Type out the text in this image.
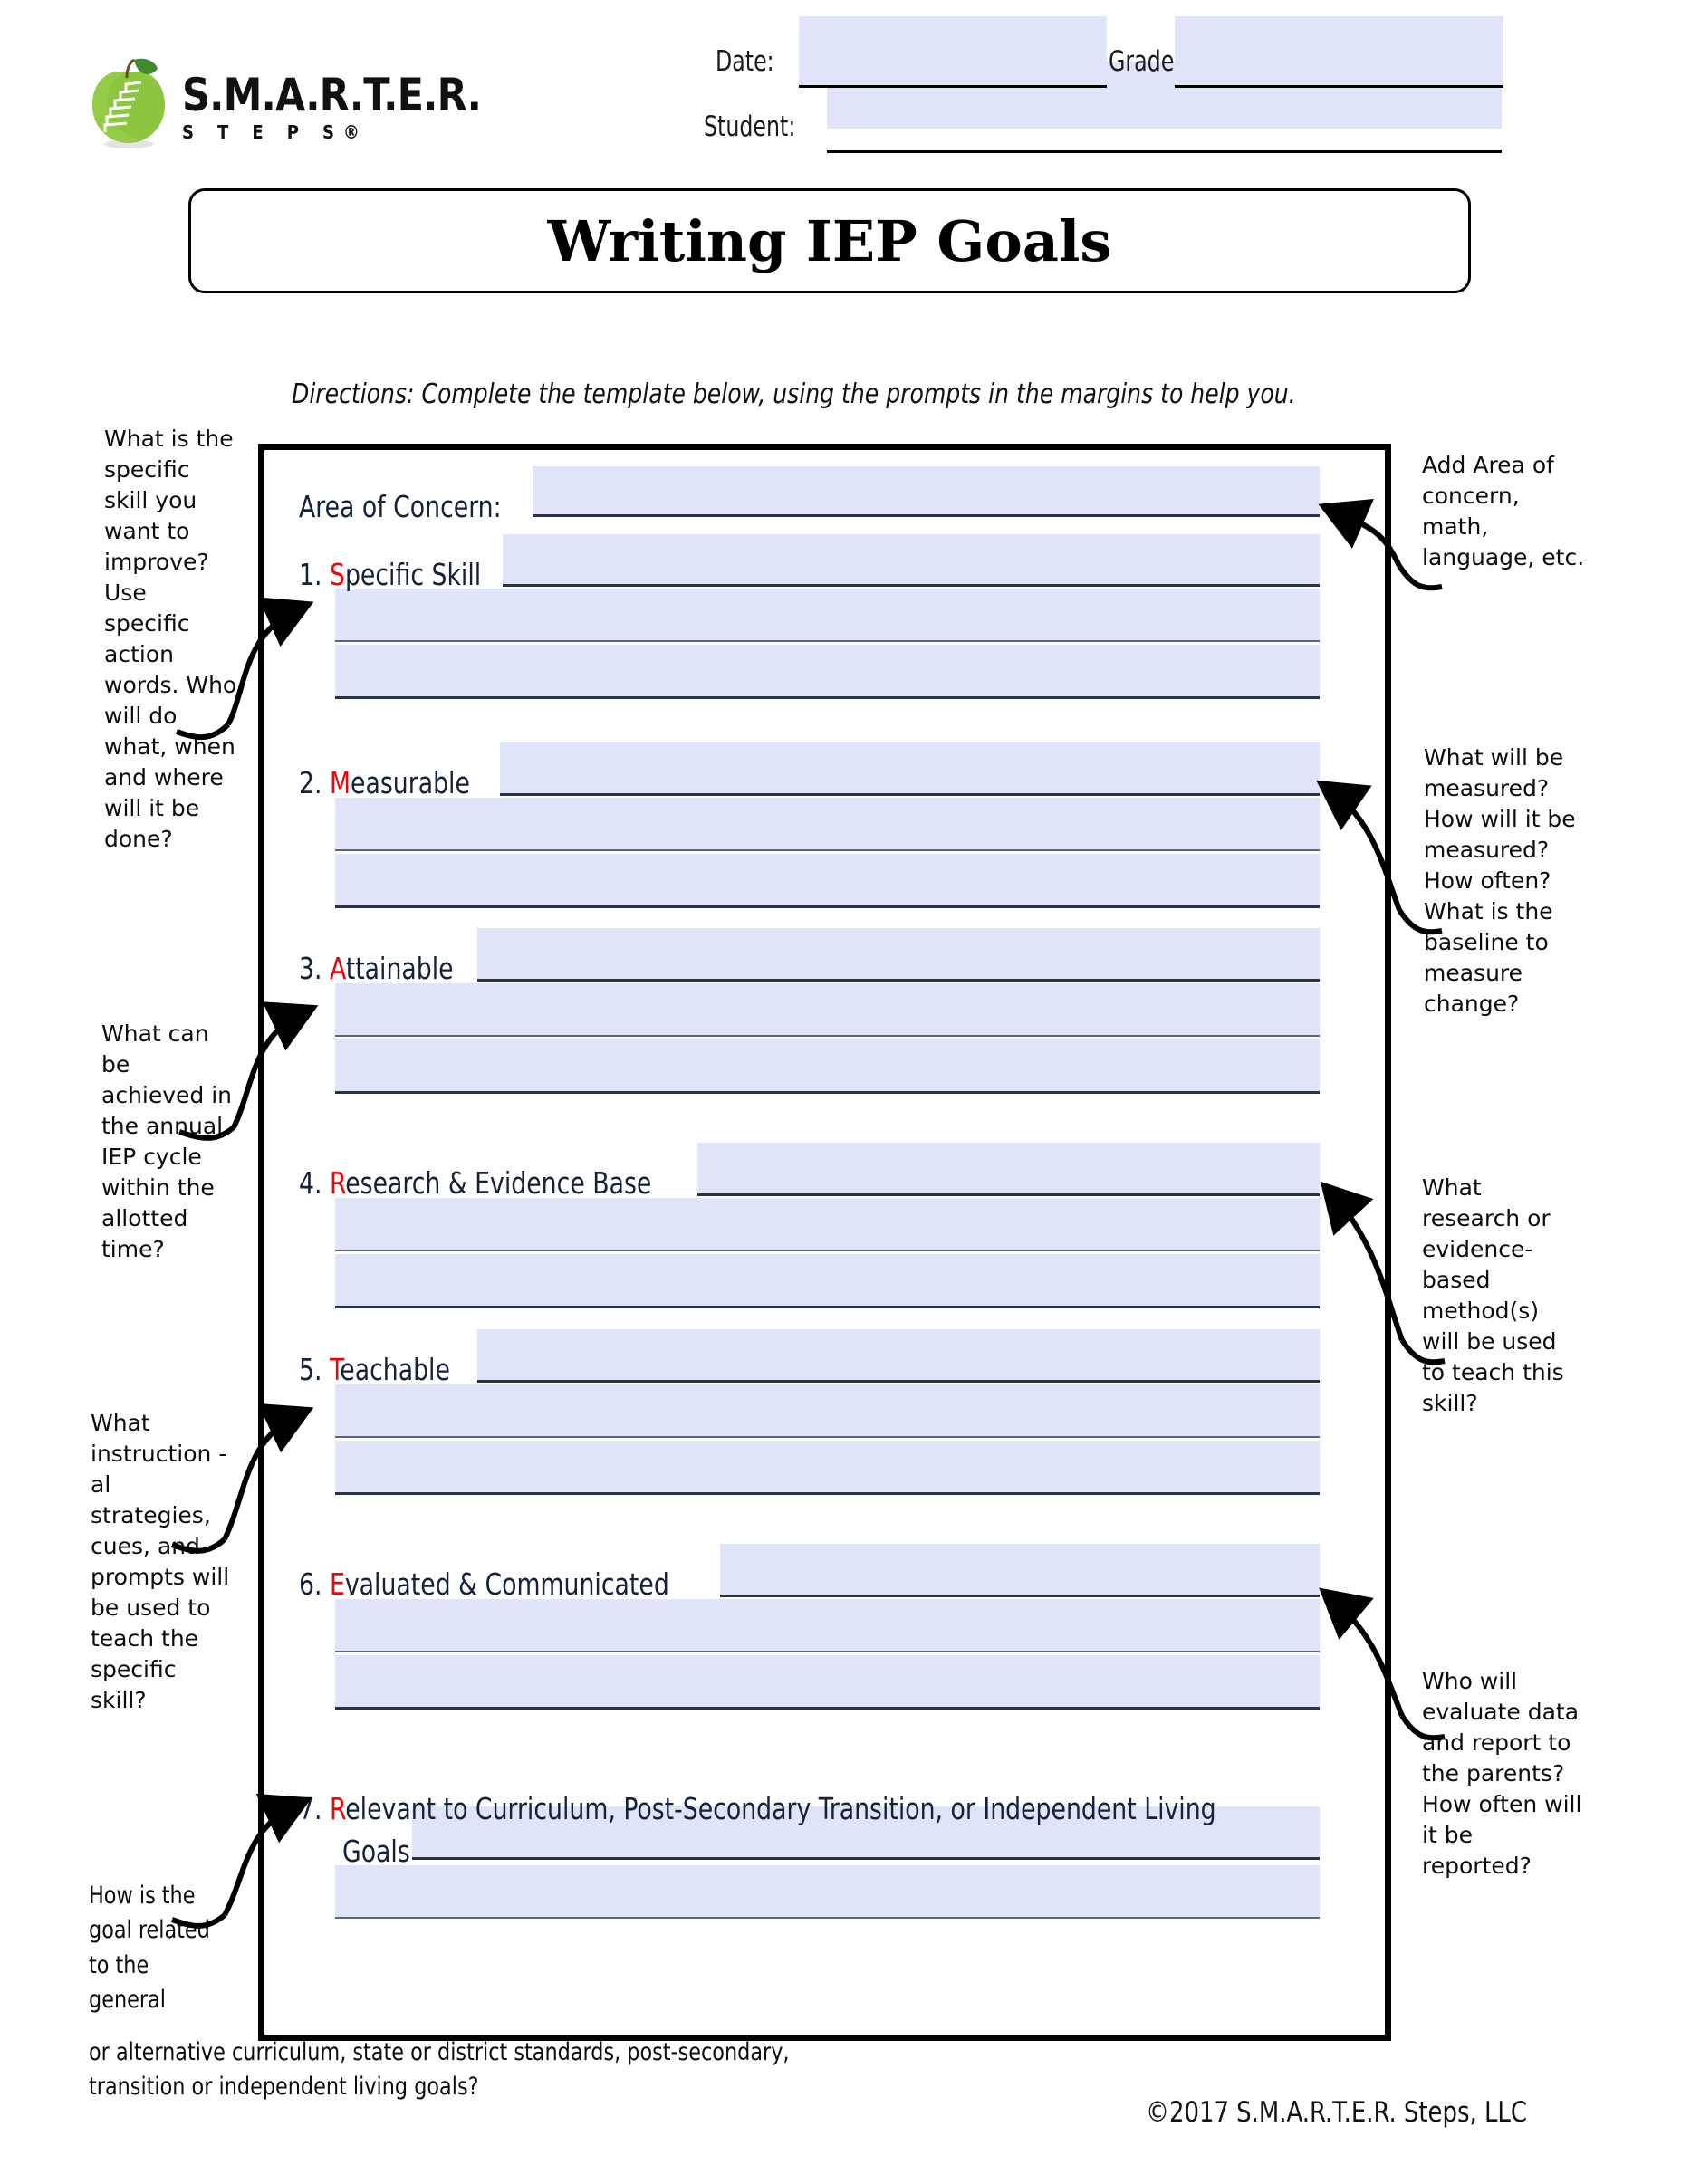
S.M.A.R.T.E.R.
S T E P S®
Date:	Grade
Student:
Writing IEP Goals
Directions: Complete the template below, using the prompts in the margins to help you.
Area of Concern:
1. Specific Skill
2. Measurable
3. Attainable
4. Research & Evidence Base
5. Teachable
6. Evaluated & Communicated
7. Relevant to Curriculum, Post-Secondary Transition, or Independent Living
Goals
What is the specific skill you want to improve? Use specific action words. Who will do what, when and where will it be done?
What can be achieved in the annual IEP cycle within the allotted time?
What instruction -al strategies, cues, and prompts will be used to teach the specific skill?
How is the goal related to the general
or alternative curriculum, state or district standards, post-secondary, transition or independent living goals?
Add Area of concern, math, language, etc.
What will be measured? How will it be measured? How often? What is the baseline to measure change?
What research or evidence-based method(s) will be used to teach this skill?
Who will evaluate data and report to the parents? How often will it be reported?
©2017 S.M.A.R.T.E.R. Steps, LLC
